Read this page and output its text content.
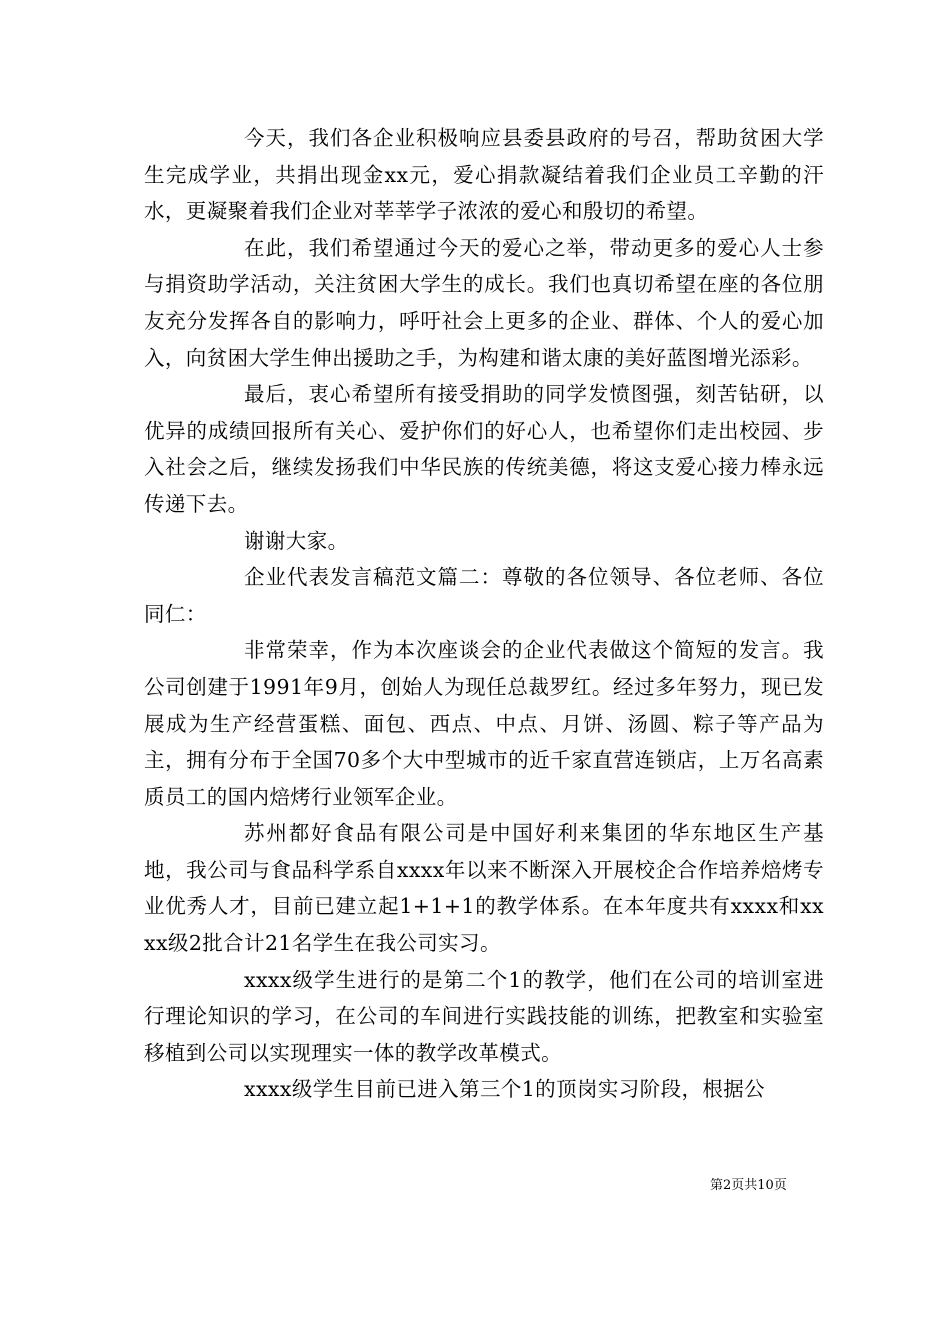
今天，我们各企业积极响应县委县政府的号召，帮助贫困大学生完成学业，共捐出现金xx元，爱心捐款凝结着我们企业员工辛勤的汗水，更凝聚着我们企业对莘莘学子浓浓的爱心和殷切的希望。

在此，我们希望通过今天的爱心之举，带动更多的爱心人士参与捐资助学活动，关注贫困大学生的成长。我们也真切希望在座的各位朋友充分发挥各自的影响力，呼吁社会上更多的企业、群体、个人的爱心加入，向贫困大学生伸出援助之手，为构建和谐太康的美好蓝图增光添彩。

最后，衷心希望所有接受捐助的同学发愤图强，刻苦钻研，以优异的成绩回报所有关心、爱护你们的好心人，也希望你们走出校园、步入社会之后，继续发扬我们中华民族的传统美德，将这支爱心接力棒永远传递下去。

谢谢大家。

企业代表发言稿范文篇二：尊敬的各位领导、各位老师、各位同仁：

非常荣幸，作为本次座谈会的企业代表做这个简短的发言。我公司创建于1991年9月，创始人为现任总裁罗红。经过多年努力，现已发展成为生产经营蛋糕、面包、西点、中点、月饼、汤圆、粽子等产品为主，拥有分布于全国70多个大中型城市的近千家直营连锁店，上万名高素质员工的国内焙烤行业领军企业。

苏州都好食品有限公司是中国好利来集团的华东地区生产基地，我公司与食品科学系自xxxx年以来不断深入开展校企合作培养焙烤专业优秀人才，目前已建立起1+1+1的教学体系。在本年度共有xxxx和xxxx级2批合计21名学生在我公司实习。

xxxx级学生进行的是第二个1的教学，他们在公司的培训室进行理论知识的学习，在公司的车间进行实践技能的训练，把教室和实验室移植到公司以实现理实一体的教学改革模式。

xxxx级学生目前已进入第三个1的顶岗实习阶段，根据公

第2页共10页
